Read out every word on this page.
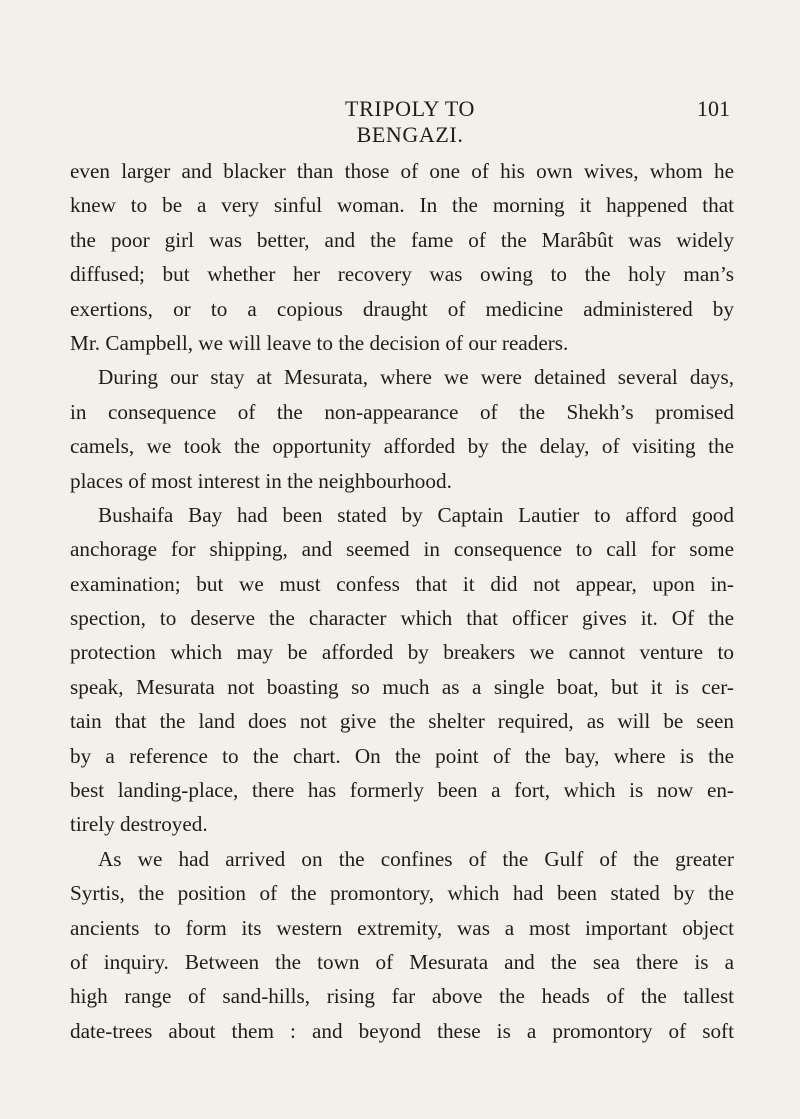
TRIPOLY TO BENGAZI.
101
even larger and blacker than those of one of his own wives, whom he
knew to be a very sinful woman. In the morning it happened that
the poor girl was better, and the fame of the Marâbût was widely
diffused; but whether her recovery was owing to the holy man’s
exertions, or to a copious draught of medicine administered by
Mr. Campbell, we will leave to the decision of our readers.
During our stay at Mesurata, where we were detained several days,
in consequence of the non-appearance of the Shekh’s promised
camels, we took the opportunity afforded by the delay, of visiting the
places of most interest in the neighbourhood.
Bushaifa Bay had been stated by Captain Lautier to afford good
anchorage for shipping, and seemed in consequence to call for some
examination; but we must confess that it did not appear, upon in-
spection, to deserve the character which that officer gives it. Of the
protection which may be afforded by breakers we cannot venture to
speak, Mesurata not boasting so much as a single boat, but it is cer-
tain that the land does not give the shelter required, as will be seen
by a reference to the chart. On the point of the bay, where is the
best landing-place, there has formerly been a fort, which is now en-
tirely destroyed.
As we had arrived on the confines of the Gulf of the greater
Syrtis, the position of the promontory, which had been stated by the
ancients to form its western extremity, was a most important object
of inquiry. Between the town of Mesurata and the sea there is a
high range of sand-hills, rising far above the heads of the tallest
date-trees about them : and beyond these is a promontory of soft
